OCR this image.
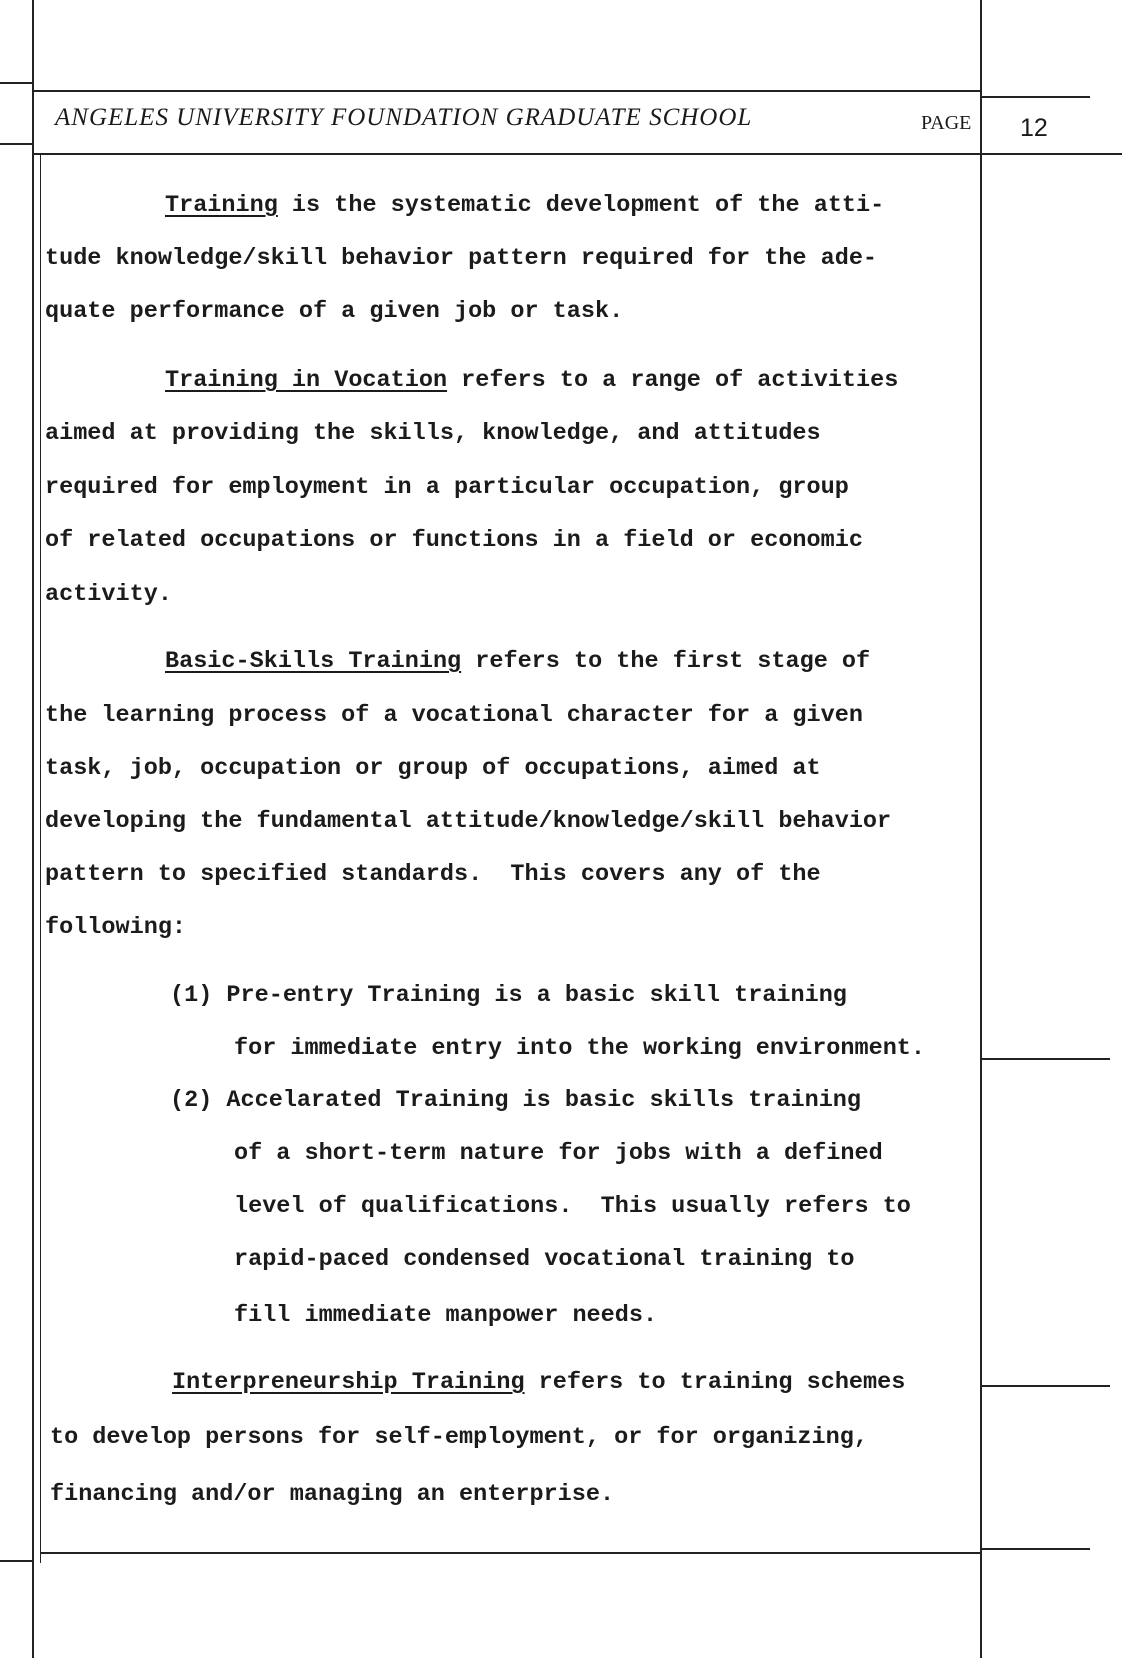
ANGELES UNIVERSITY FOUNDATION GRADUATE SCHOOL	PAGE 12
Training is the systematic development of the atti-
tude knowledge/skill behavior pattern required for the ade-
quate performance of a given job or task.
Training in Vocation refers to a range of activities
aimed at providing the skills, knowledge, and attitudes
required for employment in a particular occupation, group
of related occupations or functions in a field or economic
activity.
Basic-Skills Training refers to the first stage of
the learning process of a vocational character for a given
task, job, occupation or group of occupations, aimed at
developing the fundamental attitude/knowledge/skill behavior
pattern to specified standards.  This covers any of the
following:
(1) Pre-entry Training is a basic skill training
for immediate entry into the working environment.
(2) Accelarated Training is basic skills training
of a short-term nature for jobs with a defined
level of qualifications.  This usually refers to
rapid-paced condensed vocational training to
fill immediate manpower needs.
Interpreneurship Training refers to training schemes
to develop persons for self-employment, or for organizing,
financing and/or managing an enterprise.
